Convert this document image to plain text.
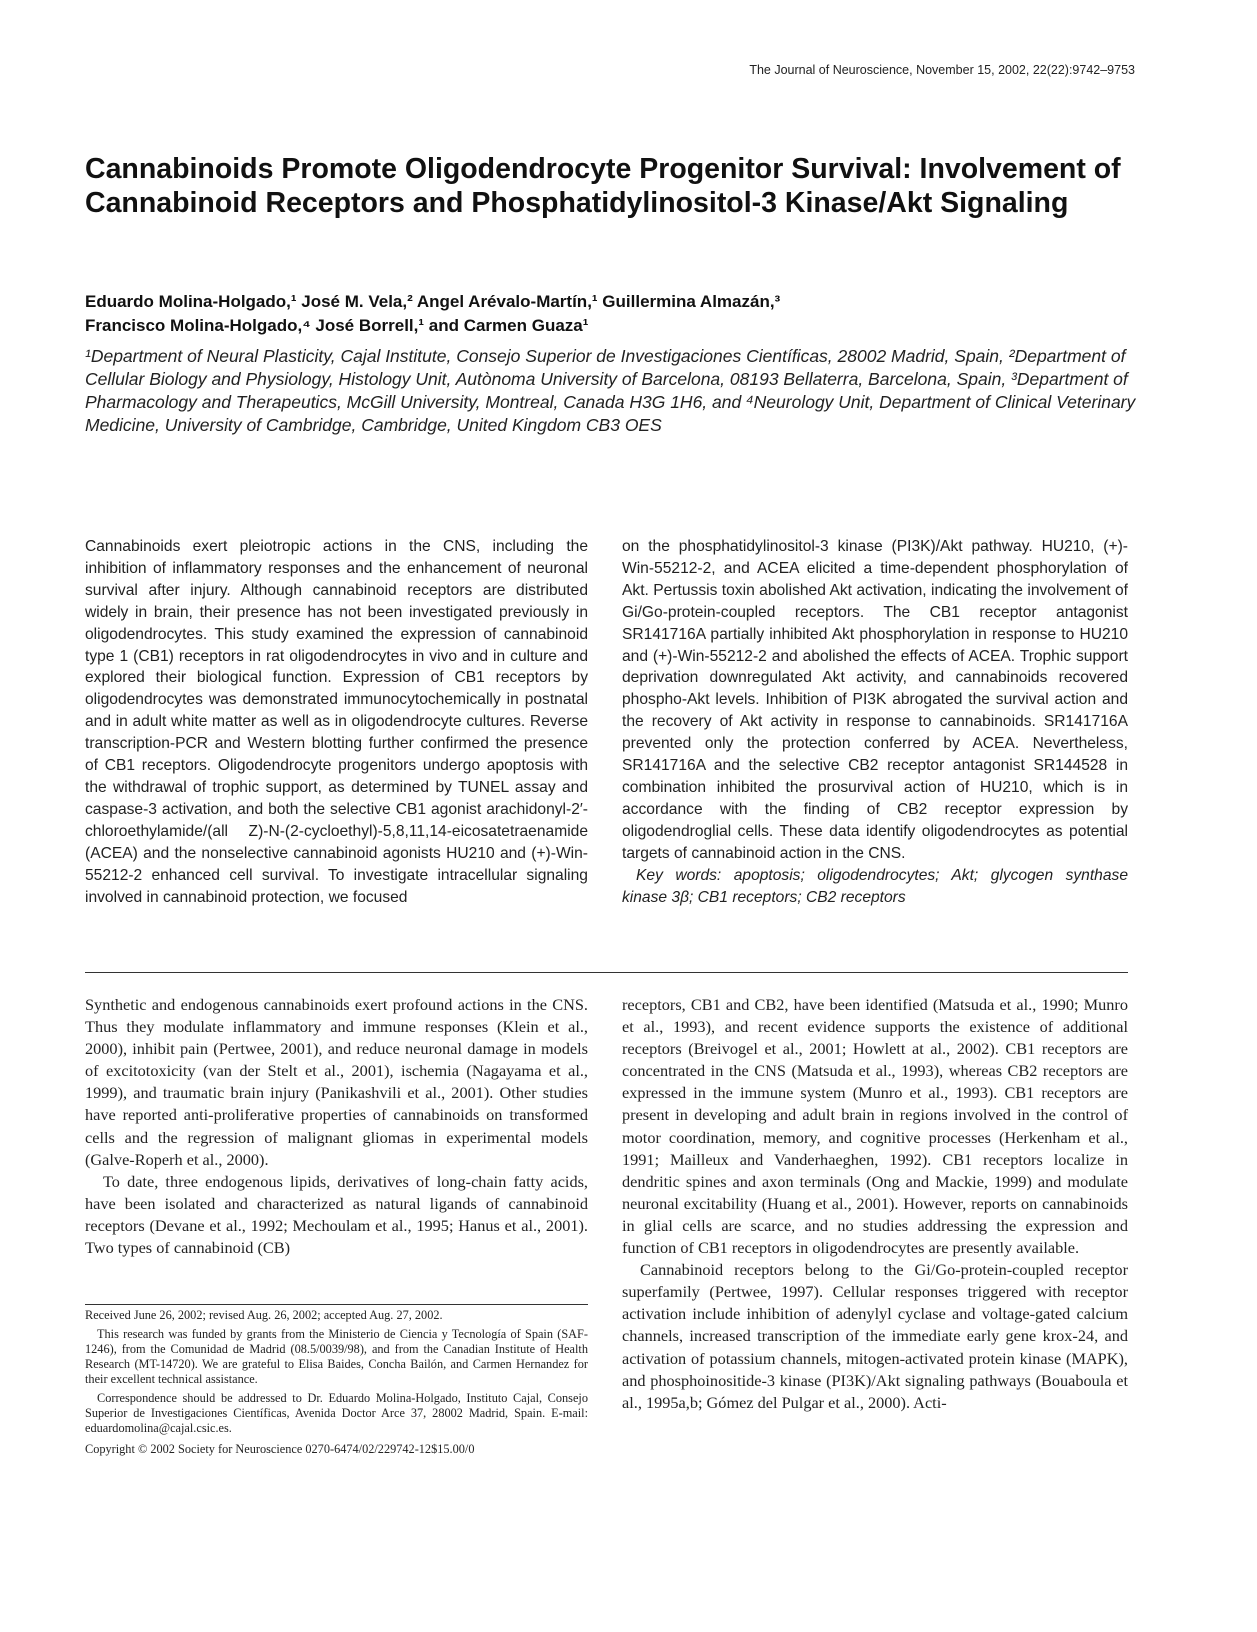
The Journal of Neuroscience, November 15, 2002, 22(22):9742–9753
Cannabinoids Promote Oligodendrocyte Progenitor Survival: Involvement of Cannabinoid Receptors and Phosphatidylinositol-3 Kinase/Akt Signaling
Eduardo Molina-Holgado,¹ José M. Vela,² Angel Arévalo-Martín,¹ Guillermina Almazán,³
Francisco Molina-Holgado,⁴ José Borrell,¹ and Carmen Guaza¹
¹Department of Neural Plasticity, Cajal Institute, Consejo Superior de Investigaciones Científicas, 28002 Madrid, Spain, ²Department of Cellular Biology and Physiology, Histology Unit, Autònoma University of Barcelona, 08193 Bellaterra, Barcelona, Spain, ³Department of Pharmacology and Therapeutics, McGill University, Montreal, Canada H3G 1H6, and ⁴Neurology Unit, Department of Clinical Veterinary Medicine, University of Cambridge, Cambridge, United Kingdom CB3 OES

Cannabinoids exert pleiotropic actions in the CNS, including the inhibition of inflammatory responses and the enhancement of neuronal survival after injury. Although cannabinoid receptors are distributed widely in brain, their presence has not been investigated previously in oligodendrocytes. This study examined the expression of cannabinoid type 1 (CB1) receptors in rat oligodendrocytes in vivo and in culture and explored their biological function. Expression of CB1 receptors by oligodendrocytes was demonstrated immunocytochemically in postnatal and in adult white matter as well as in oligodendrocyte cultures. Reverse transcription-PCR and Western blotting further confirmed the presence of CB1 receptors. Oligodendrocyte progenitors undergo apoptosis with the withdrawal of trophic support, as determined by TUNEL assay and caspase-3 activation, and both the selective CB1 agonist arachidonyl-2′-chloroethylamide/(all Z)-N-(2-cycloethyl)-5,8,11,14-eicosatetraenamide (ACEA) and the nonselective cannabinoid agonists HU210 and (+)-Win-55212-2 enhanced cell survival. To investigate intracellular signaling involved in cannabinoid protection, we focused

on the phosphatidylinositol-3 kinase (PI3K)/Akt pathway. HU210, (+)-Win-55212-2, and ACEA elicited a time-dependent phosphorylation of Akt. Pertussis toxin abolished Akt activation, indicating the involvement of Gi/Go-protein-coupled receptors. The CB1 receptor antagonist SR141716A partially inhibited Akt phosphorylation in response to HU210 and (+)-Win-55212-2 and abolished the effects of ACEA. Trophic support deprivation downregulated Akt activity, and cannabinoids recovered phospho-Akt levels. Inhibition of PI3K abrogated the survival action and the recovery of Akt activity in response to cannabinoids. SR141716A prevented only the protection conferred by ACEA. Nevertheless, SR141716A and the selective CB2 receptor antagonist SR144528 in combination inhibited the prosurvival action of HU210, which is in accordance with the finding of CB2 receptor expression by oligodendroglial cells. These data identify oligodendrocytes as potential targets of cannabinoid action in the CNS.

Key words: apoptosis; oligodendrocytes; Akt; glycogen synthase kinase 3β; CB1 receptors; CB2 receptors

Synthetic and endogenous cannabinoids exert profound actions in the CNS. Thus they modulate inflammatory and immune responses (Klein et al., 2000), inhibit pain (Pertwee, 2001), and reduce neuronal damage in models of excitotoxicity (van der Stelt et al., 2001), ischemia (Nagayama et al., 1999), and traumatic brain injury (Panikashvili et al., 2001). Other studies have reported anti-proliferative properties of cannabinoids on transformed cells and the regression of malignant gliomas in experimental models (Galve-Roperh et al., 2000).

To date, three endogenous lipids, derivatives of long-chain fatty acids, have been isolated and characterized as natural ligands of cannabinoid receptors (Devane et al., 1992; Mechoulam et al., 1995; Hanus et al., 2001). Two types of cannabinoid (CB)

Received June 26, 2002; revised Aug. 26, 2002; accepted Aug. 27, 2002.

This research was funded by grants from the Ministerio de Ciencia y Tecnología of Spain (SAF-1246), from the Comunidad de Madrid (08.5/0039/98), and from the Canadian Institute of Health Research (MT-14720). We are grateful to Elisa Baides, Concha Bailón, and Carmen Hernandez for their excellent technical assistance.

Correspondence should be addressed to Dr. Eduardo Molina-Holgado, Instituto Cajal, Consejo Superior de Investigaciones Científicas, Avenida Doctor Arce 37, 28002 Madrid, Spain. E-mail: eduardomolina@cajal.csic.es.

Copyright © 2002 Society for Neuroscience 0270-6474/02/229742-12$15.00/0

receptors, CB1 and CB2, have been identified (Matsuda et al., 1990; Munro et al., 1993), and recent evidence supports the existence of additional receptors (Breivogel et al., 2001; Howlett at al., 2002). CB1 receptors are concentrated in the CNS (Matsuda et al., 1993), whereas CB2 receptors are expressed in the immune system (Munro et al., 1993). CB1 receptors are present in developing and adult brain in regions involved in the control of motor coordination, memory, and cognitive processes (Herkenham et al., 1991; Mailleux and Vanderhaeghen, 1992). CB1 receptors localize in dendritic spines and axon terminals (Ong and Mackie, 1999) and modulate neuronal excitability (Huang et al., 2001). However, reports on cannabinoids in glial cells are scarce, and no studies addressing the expression and function of CB1 receptors in oligodendrocytes are presently available.

Cannabinoid receptors belong to the Gi/Go-protein-coupled receptor superfamily (Pertwee, 1997). Cellular responses triggered with receptor activation include inhibition of adenylyl cyclase and voltage-gated calcium channels, increased transcription of the immediate early gene krox-24, and activation of potassium channels, mitogen-activated protein kinase (MAPK), and phosphoinositide-3 kinase (PI3K)/Akt signaling pathways (Bouaboula et al., 1995a,b; Gómez del Pulgar et al., 2000). Acti-
